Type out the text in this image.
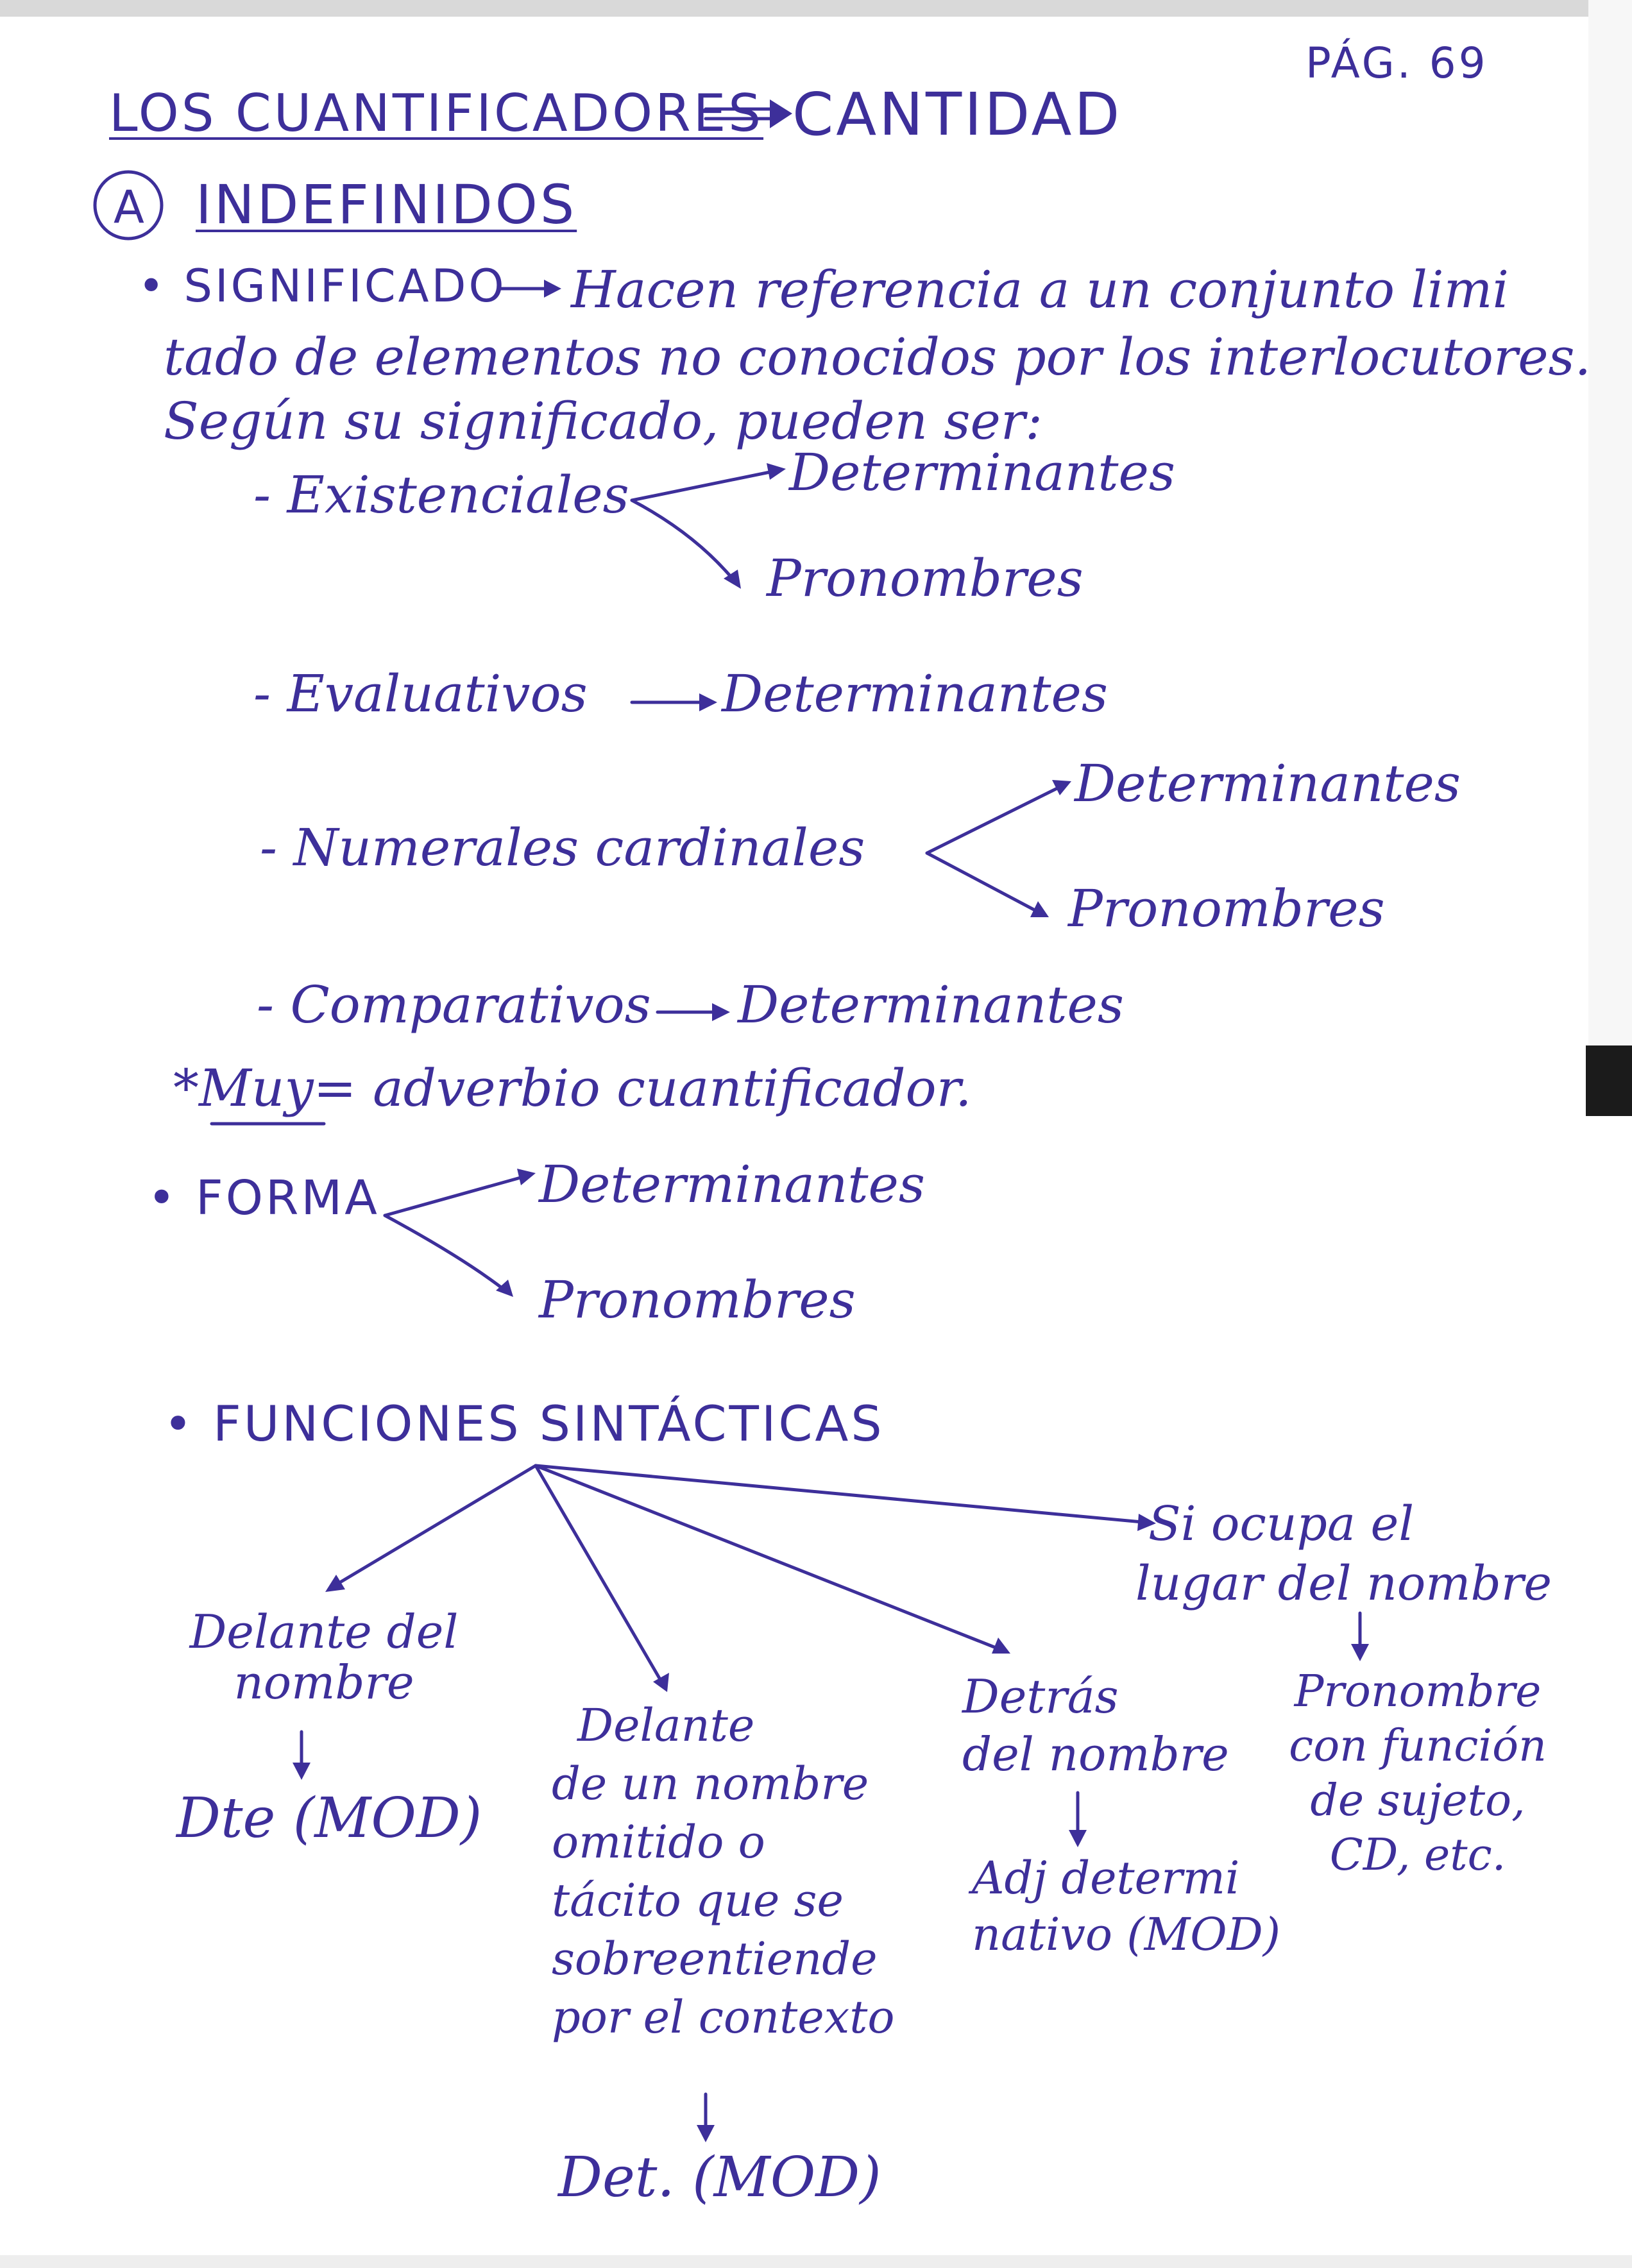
PÁG. 69
LOS CUANTIFICADORES CANTIDAD
A INDEFINIDOS
• SIGNIFICADO Hacen referencia a un conjunto limi
tado de elementos no conocidos por los interlocutores.
Según su significado, pueden ser:
- Existenciales	Determinantes
Pronombres
- Evaluativos	Determinantes
- Numerales cardinales
Determinantes
Pronombres
- Comparativos Determinantes
*Muy= adverbio cuantificador.
• FORMA	Determinantes
Pronombres
• FUNCIONES SINTÁCTICAS
Delante del
nombre
Dte (MOD)
Delante
de un nombre
omitido o
tácito que se
sobreentiende
por el contexto
Det. (MOD)
Detrás
del nombre
Adj determi
nativo (MOD)
Si ocupa el
lugar del nombre
Pronombre
con función
de sujeto,
CD, etc.
